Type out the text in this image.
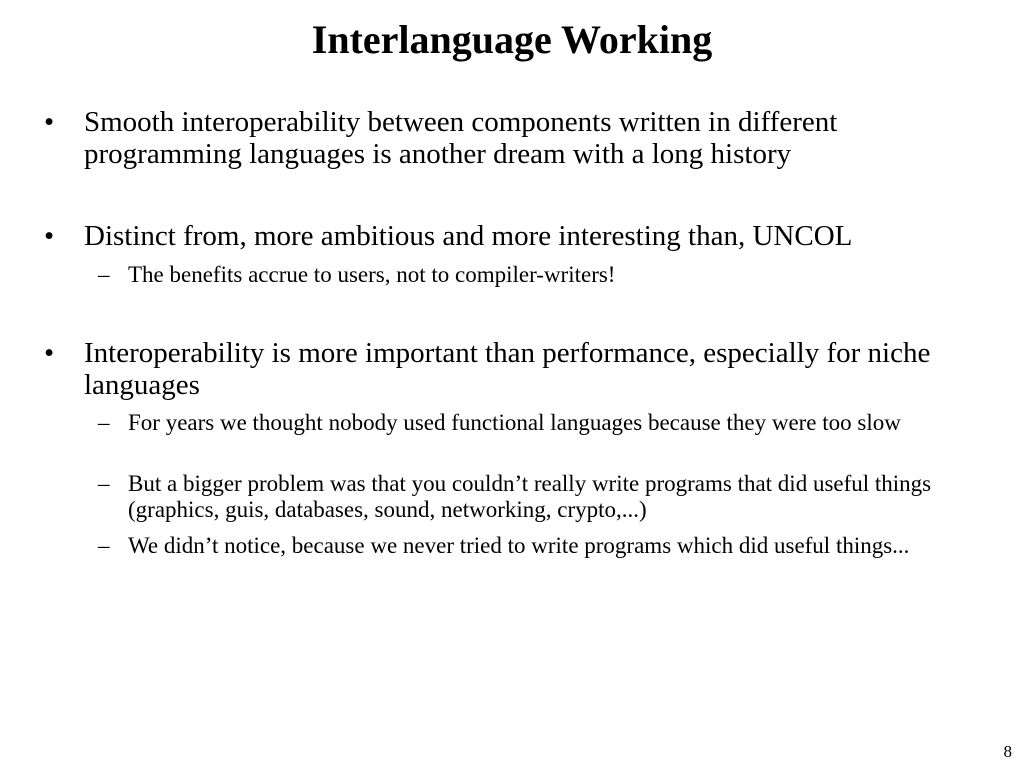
Interlanguage Working
• Smooth interoperability between components written in different programming languages is another dream with a long history
• Distinct from, more ambitious and more interesting than, UNCOL
– The benefits accrue to users, not to compiler-writers!
• Interoperability is more important than performance, especially for niche languages
– For years we thought nobody used functional languages because they were too slow
– But a bigger problem was that you couldn’t really write programs that did useful things (graphics, guis, databases, sound, networking, crypto,...)
– We didn’t notice, because we never tried to write programs which did useful things...
8
